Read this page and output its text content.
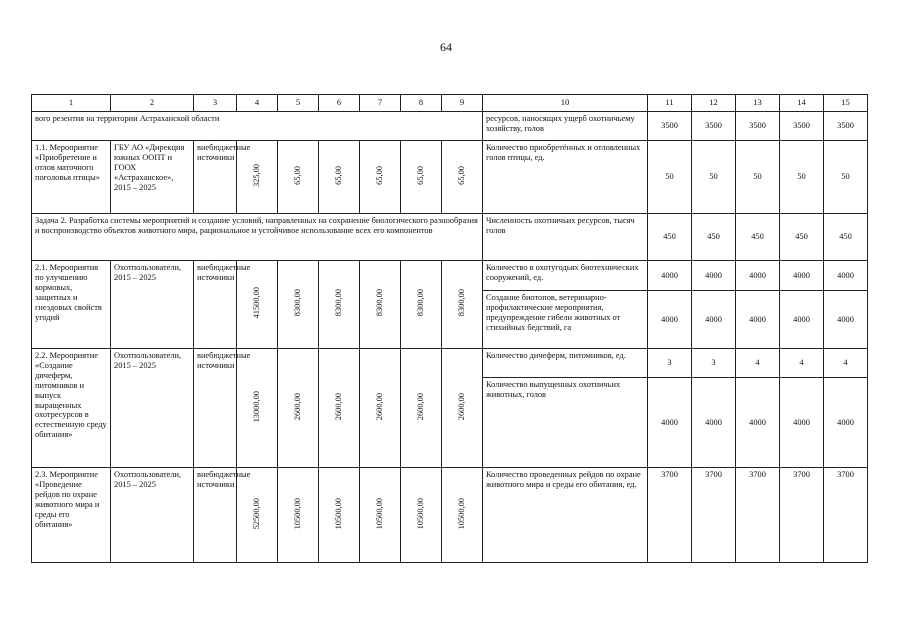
64
1	2	3	4	5	6	7	8	9	10	11	12	13	14	15
вого резентия на территории Астраханской области									ресурсов, наносящих ущерб охотничьему хозяйству, голов	3500	3500	3500	3500	3500
1.1. Мероприятие «Приобретение и отлов маточного поголовья птицы»	ГБУ АО «Дирекция южных ООПТ и ГООХ «Астраханское», 2015 – 2025	внебюджетные источники	325,00	65,00	65,00	65,00	65,00	65,00	Количество приобретённых и отловленных голов птицы, ед.	50	50	50	50	50
Задача 2. Разработка системы мероприятий и создание условий, направленных на сохранение биологического разнообразия и воспроизводство объектов животного мира, рациональное и устойчивое использование всех его компонентов									Численность охотничьих ресурсов, тысяч голов	450	450	450	450	450
2.1. Мероприятия по улучшению кормовых, защитных и гнездовых свойств угодий	Охотпользователи, 2015 – 2025	внебюджетные источники	41500,00	8300,00	8300,00	8300,00	8300,00	8300,00	Количество в охотугодьях биотехнических сооружений, ед.	4000	4000	4000	4000	4000
									Создание биотопов, ветеринарно-профилактические мероприятия, предупреждение гибели животных от стихийных бедствий, га	4000	4000	4000	4000	4000
2.2. Мероприятие «Создание дичеферм, питомников и выпуск выращенных охотресурсов в естественную среду обитания»	Охотпользователи, 2015 – 2025	внебюджетные источники	13000,00	2600,00	2600,00	2600,00	2600,00	2600,00	Количество дичеферм, питомников, ед.	3	3	4	4	4
									Количество выпущенных охотничьих животных, голов	4000	4000	4000	4000	4000
2.3. Мероприятие «Проведение рейдов по охране животного мира и среды его обитания»	Охотпользователи, 2015 – 2025	внебюджетные источники	52500,00	10500,00	10500,00	10500,00	10500,00	10500,00	Количество проведенных рейдов по охране животного мира и среды его обитания, ед.	3700	3700	3700	3700	3700
